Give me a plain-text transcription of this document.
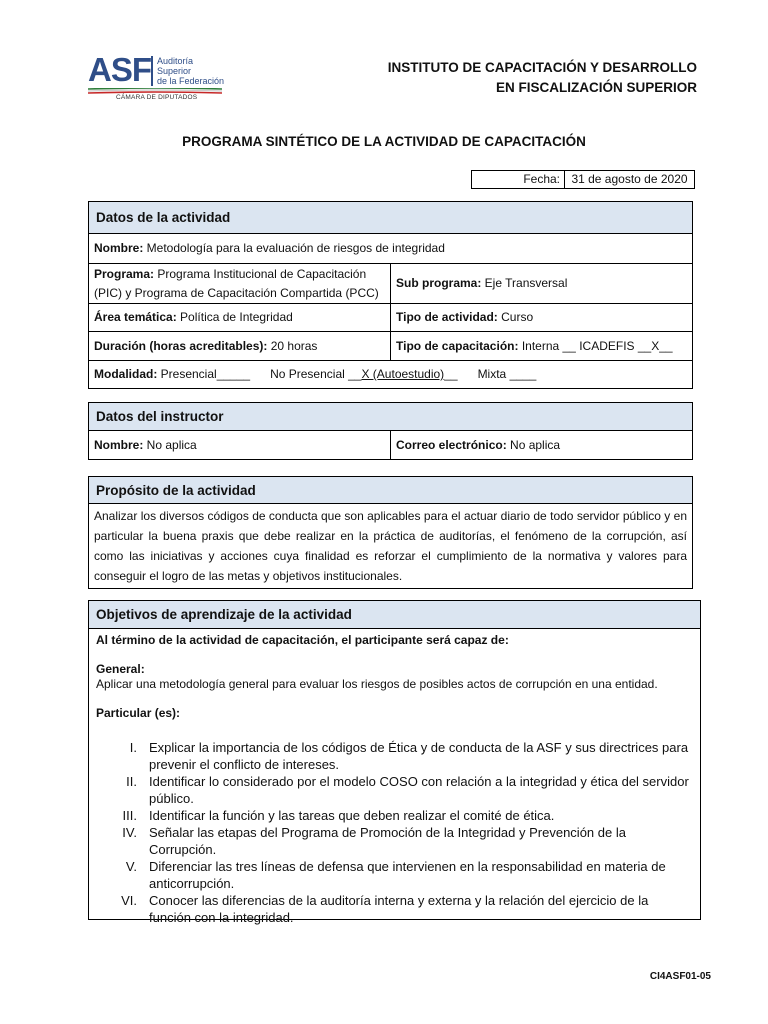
ASF Auditoría
Superior
de la Federación
CÁMARA DE DIPUTADOS
INSTITUTO DE CAPACITACIÓN Y DESARROLLO
EN FISCALIZACIÓN SUPERIOR
PROGRAMA SINTÉTICO DE LA ACTIVIDAD DE CAPACITACIÓN
Fecha: 31 de agosto de 2020
Datos de la actividad
Nombre: Metodología para la evaluación de riesgos de integridad
Programa: Programa Institucional de Capacitación (PIC) y Programa de Capacitación Compartida (PCC)
Sub programa: Eje Transversal
Área temática: Política de Integridad	Tipo de actividad: Curso
Duración (horas acreditables): 20 horas	Tipo de capacitación: Interna __ ICADEFIS __X__
Modalidad: Presencial_____ No Presencial __X (Autoestudio)__ Mixta ____
Datos del instructor
Nombre: No aplica	Correo electrónico: No aplica
Propósito de la actividad
Analizar los diversos códigos de conducta que son aplicables para el actuar diario de todo servidor público y en particular la buena praxis que debe realizar en la práctica de auditorías, el fenómeno de la corrupción, así como las iniciativas y acciones cuya finalidad es reforzar el cumplimiento de la normativa y valores para conseguir el logro de las metas y objetivos institucionales.
Objetivos de aprendizaje de la actividad
Al término de la actividad de capacitación, el participante será capaz de:
General:
Aplicar una metodología general para evaluar los riesgos de posibles actos de corrupción en una entidad.
Particular (es):
I. Explicar la importancia de los códigos de Ética y de conducta de la ASF y sus directrices para prevenir el conflicto de intereses.
II. Identificar lo considerado por el modelo COSO con relación a la integridad y ética del servidor público.
III. Identificar la función y las tareas que deben realizar el comité de ética.
IV. Señalar las etapas del Programa de Promoción de la Integridad y Prevención de la Corrupción.
V. Diferenciar las tres líneas de defensa que intervienen en la responsabilidad en materia de anticorrupción.
VI. Conocer las diferencias de la auditoría interna y externa y la relación del ejercicio de la función con la integridad.
CI4ASF01-05
